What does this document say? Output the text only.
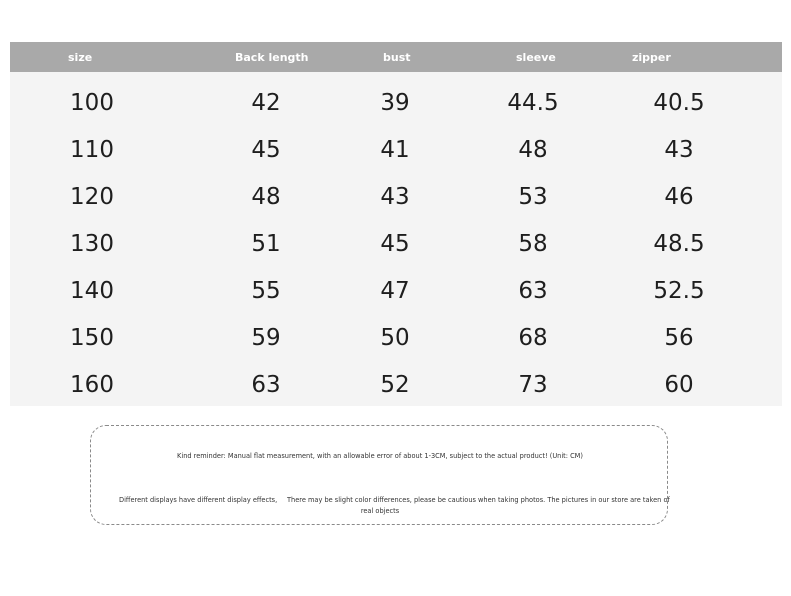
size	Back length	bust	sleeve	zipper
100	42	39	44.5	40.5
110	45	41	48	43
120	48	43	53	46
130	51	45	58	48.5
140	55	47	63	52.5
150	59	50	68	56
160	63	52	73	60
Kind reminder: Manual flat measurement, with an allowable error of about 1-3CM, subject to the actual product! (Unit: CM)
Different displays have different display effects, There may be slight color differences, please be cautious when taking photos. The pictures in our store are taken of
real objects
